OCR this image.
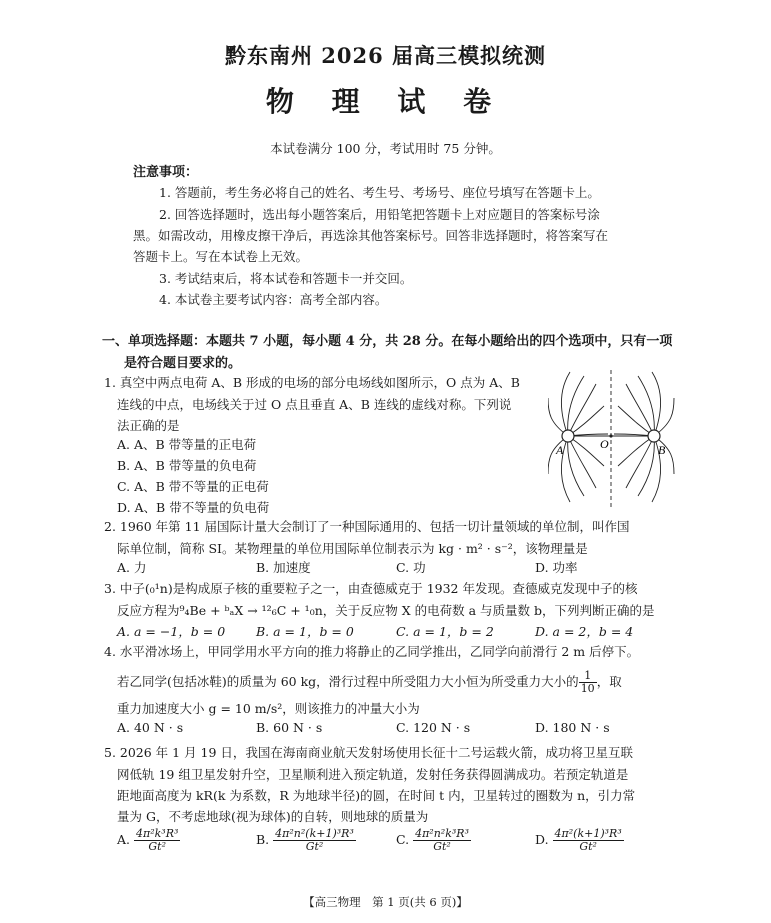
黔东南州 2026 届高三模拟统测
物 理 试 卷
本试卷满分 100 分，考试用时 75 分钟。
注意事项：
1. 答题前，考生务必将自己的姓名、考生号、考场号、座位号填写在答题卡上。
2. 回答选择题时，选出每小题答案后，用铅笔把答题卡上对应题目的答案标号涂
黑。如需改动，用橡皮擦干净后，再选涂其他答案标号。回答非选择题时，将答案写在
答题卡上。写在本试卷上无效。
3. 考试结束后，将本试卷和答题卡一并交回。
4. 本试卷主要考试内容：高考全部内容。
一、单项选择题：本题共 7 小题，每小题 4 分，共 28 分。在每小题给出的四个选项中，只有一项
是符合题目要求的。
1. 真空中两点电荷 A、B 形成的电场的部分电场线如图所示，O 点为 A、B
连线的中点，电场线关于过 O 点且垂直 A、B 连线的虚线对称。下列说
法正确的是
A. A、B 带等量的正电荷
B. A、B 带等量的负电荷
C. A、B 带不等量的正电荷
D. A、B 带不等量的负电荷
A	B
O
2. 1960 年第 11 届国际计量大会制订了一种国际通用的、包括一切计量领域的单位制，叫作国
际单位制，简称 SI。某物理量的单位用国际单位制表示为 kg · m² · s⁻²，该物理量是
A. 力	B. 加速度	C. 功	D. 功率
3. 中子(₀¹n)是构成原子核的重要粒子之一，由查德威克于 1932 年发现。查德威克发现中子的核
反应方程为⁹₄Be + ᵇₐX → ¹²₆C + ¹₀n，关于反应物 X 的电荷数 a 与质量数 b，下列判断正确的是
A. a = −1，b = 0 B. a = 1，b = 0	C. a = 1，b = 2	D. a = 2，b = 4
4. 水平滑冰场上，甲同学用水平方向的推力将静止的乙同学推出，乙同学向前滑行 2 m 后停下。
若乙同学(包括冰鞋)的质量为 60 kg，滑行过程中所受阻力大小恒为所受重力大小的 $\frac{1}{10}$ ，取
重力加速度大小 g = 10 m/s²，则该推力的冲量大小为
A. 40 N · s	B. 60 N · s	C. 120 N · s	D. 180 N · s
5. 2026 年 1 月 19 日，我国在海南商业航天发射场使用长征十二号运载火箭，成功将卫星互联
网低轨 19 组卫星发射升空，卫星顺利进入预定轨道，发射任务获得圆满成功。若预定轨道是
距地面高度为 kR(k 为系数，R 为地球半径)的圆，在时间 t 内，卫星转过的圈数为 n，引力常
量为 G，不考虑地球(视为球体)的自转，则地球的质量为
A. $\frac{\text{4π²k³R³}}{\text{Gt²}}$	B. $\frac{\text{4π²n²(k+1)³R³}}{\text{Gt²}}$	C. $\frac{\text{4π²n²k³R³}}{\text{Gt²}}$	D. $\frac{\text{4π²(k+1)³R³}}{\text{Gt²}}$
【高三物理　第 1 页(共 6 页)】
